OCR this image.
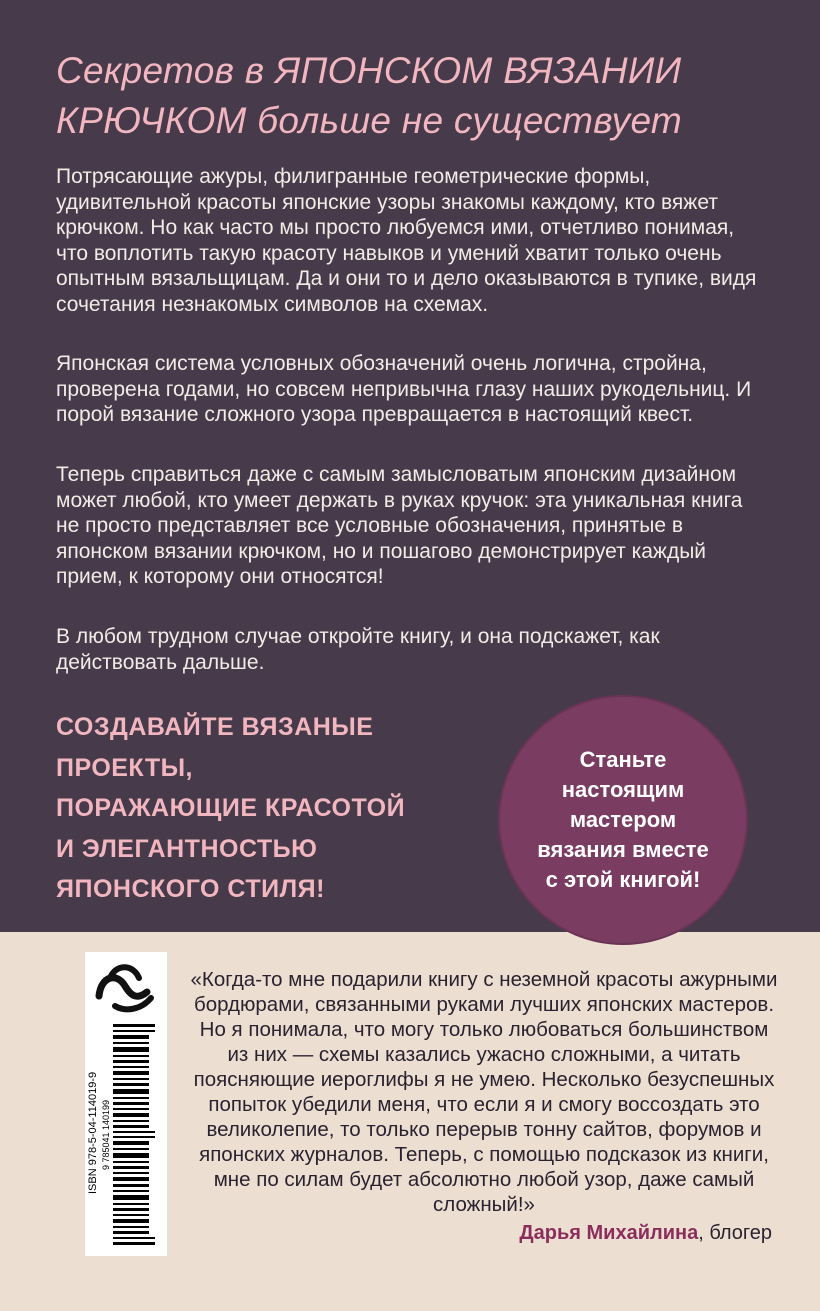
Секретов в ЯПОНСКОМ ВЯЗАНИИ
КРЮЧКОМ больше не существует

Потрясающие ажуры, филигранные геометрические формы, удивительной красоты японские узоры знакомы каждому, кто вяжет крючком. Но как часто мы просто любуемся ими, отчетливо понимая, что воплотить такую красоту навыков и умений хватит только очень опытным вязальщицам. Да и они то и дело оказываются в тупике, видя сочетания незнакомых символов на схемах.

Японская система условных обозначений очень логична, стройна, проверена годами, но совсем непривычна глазу наших рукодельниц. И порой вязание сложного узора превращается в настоящий квест.

Теперь справиться даже с самым замысловатым японским дизайном может любой, кто умеет держать в руках кручок: эта уникальная книга не просто представляет все условные обозначения, принятые в японском вязании крючком, но и пошагово демонстрирует каждый прием, к которому они относятся!

В любом трудном случае откройте книгу, и она подскажет, как действовать дальше.

СОЗДАВАЙТЕ ВЯЗАНЫЕ ПРОЕКТЫ,
ПОРАЖАЮЩИЕ КРАСОТОЙ
И ЭЛЕГАНТНОСТЬЮ
ЯПОНСКОГО СТИЛЯ!
Станьте
настоящим
мастером
вязания вместе
с этой книгой!
ISBN 978-5-04-114019-9 9 785041 140199

«Когда-то мне подарили книгу с неземной красоты ажурными бордюрами, связанными руками лучших японских мастеров. Но я понимала, что могу только любоваться большинством из них — схемы казались ужасно сложными, а читать поясняющие иероглифы я не умею. Несколько безуспешных попыток убедили меня, что если я и смогу воссоздать это великолепие, то только перерыв тонну сайтов, форумов и японских журналов. Теперь, с помощью подсказок из книги, мне по силам будет абсолютно любой узор, даже самый сложный!»

Дарья Михайлина, блогер
